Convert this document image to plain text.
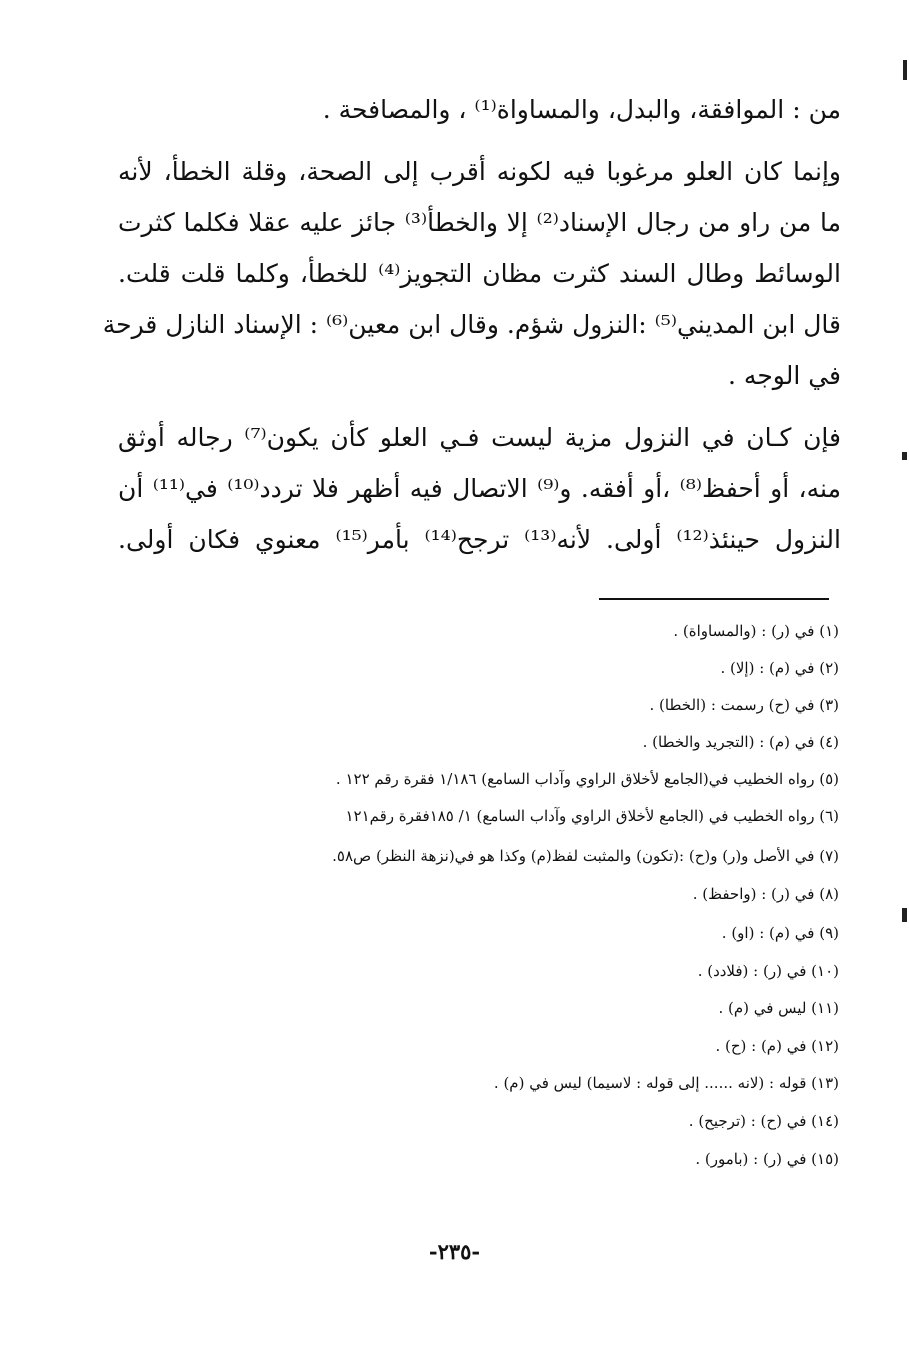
من : الموافقة، والبدل، والمساواة⁽¹⁾ ، والمصافحة .
وإنما كان العلو مرغوبا فيه لكونه أقرب إلى الصحة، وقلة الخطأ، لأنه
ما من راو من رجال الإسناد⁽²⁾ إلا والخطأ⁽³⁾ جائز عليه عقلا فكلما كثرت
الوسائط وطال السند كثرت مظان التجويز⁽⁴⁾ للخطأ، وكلما قلت قلت.
قال ابن المديني⁽⁵⁾ :النزول شؤم. وقال ابن معين⁽⁶⁾ : الإسناد النازل قرحة
في الوجه .
فإن كـان في النزول مزية ليست فـي العلو كأن يكون⁽⁷⁾ رجاله أوثق
منه، أو أحفظ⁽⁸⁾ ،أو أفقه. و⁽⁹⁾ الاتصال فيه أظهر فلا تردد⁽¹⁰⁾ في⁽¹¹⁾ أن
النزول حينئذ⁽¹²⁾ أولى. لأنه⁽¹³⁾ ترجح⁽¹⁴⁾ بأمر⁽¹⁵⁾ معنوي فكان أولى.
(١) في (ر) : (والمساواة) .
(٢) في (م) : (إلا) .
(٣) في (ح) رسمت : (الخطا) .
(٤) في (م) : (التجريد والخطا) .
(٥) رواه الخطيب في(الجامع لأخلاق الراوي وآداب السامع) ١/١٨٦ فقرة رقم ١٢٢ .
(٦) رواه الخطيب في (الجامع لأخلاق الراوي وآداب السامع) ١/ ١٨٥فقرة رقم١٢١
(٧) في الأصل و(ر) و(ح) :(تكون) والمثبت لفظ(م) وكذا هو في(نزهة النظر) ص٥٨.
(٨) في (ر) : (واحفظ) .
(٩) في (م) : (او) .
(١٠) في (ر) : (فلادد) .
(١١) ليس في (م) .
(١٢) في (م) : (ح) .
(١٣) قوله : (لانه ...... إلى قوله : لاسيما) ليس في (م) .
(١٤) في (ح) : (ترجيح) .
(١٥) في (ر) : (بامور) .
-٢٣٥-
